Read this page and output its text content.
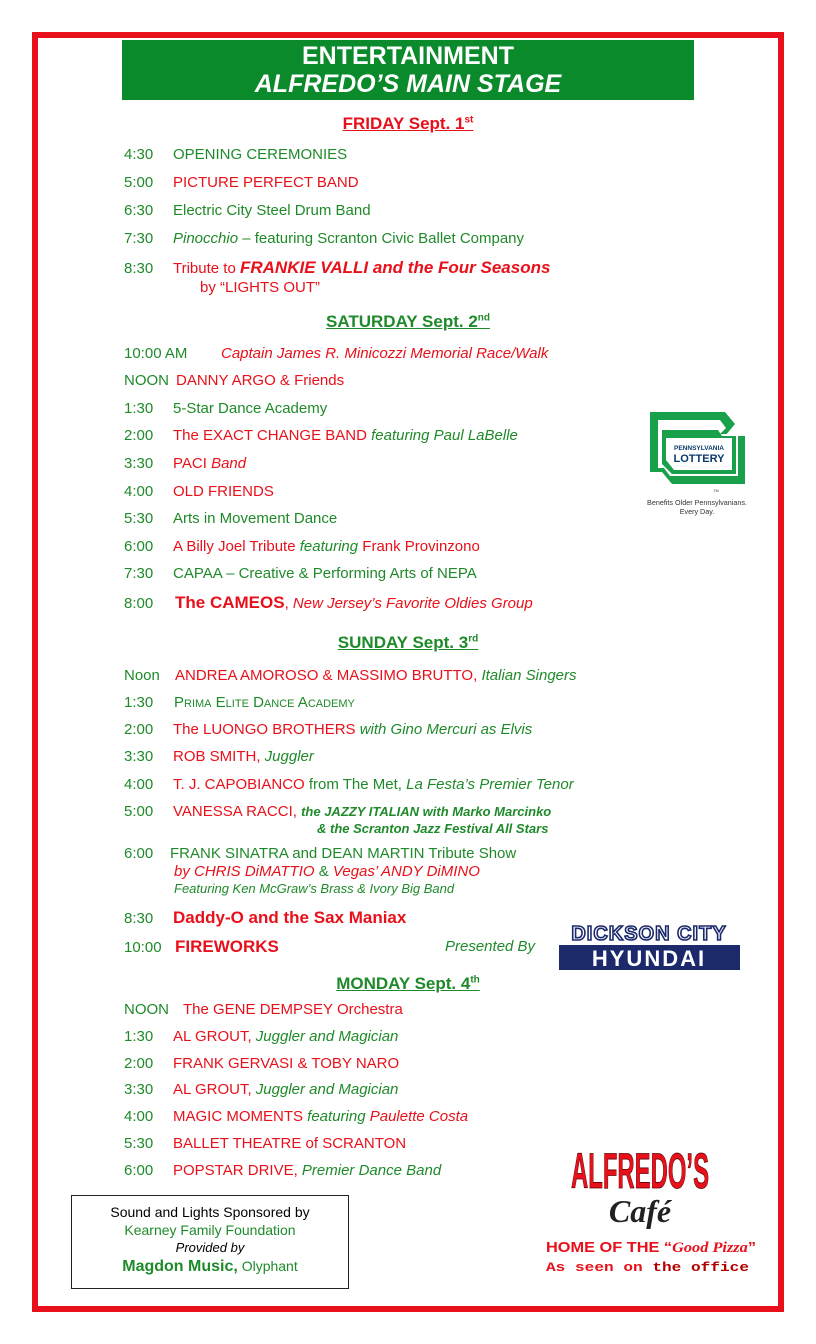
ENTERTAINMENT
ALFREDO’S MAIN STAGE
FRIDAY Sept. 1st
4:30 OPENING CEREMONIES
5:00 PICTURE PERFECT BAND
6:30 Electric City Steel Drum Band
7:30 Pinocchio – featuring Scranton Civic Ballet Company
8:30 Tribute to FRANKIE VALLI and the Four Seasons
by “LIGHTS OUT”
SATURDAY Sept. 2nd
10:00 AM Captain James R. Minicozzi Memorial Race/Walk
NOON DANNY ARGO & Friends
1:30 5-Star Dance Academy
2:00 The EXACT CHANGE BAND featuring Paul LaBelle
3:30 PACI Band
4:00 OLD FRIENDS
5:30 Arts in Movement Dance
6:00 A Billy Joel Tribute featuring Frank Provinzono
7:30 CAPAA – Creative & Performing Arts of NEPA
8:00 The CAMEOS, New Jersey’s Favorite Oldies Group
PENNSYLVANIA
LOTTERY
TM
Benefits Older Pennsylvanians.
Every Day.
SUNDAY Sept. 3rd
Noon ANDREA AMOROSO & MASSIMO BRUTTO, Italian Singers
1:30 Prima Elite Dance Academy
2:00 The LUONGO BROTHERS with Gino Mercuri as Elvis
3:30 ROB SMITH, Juggler
4:00 T. J. CAPOBIANCO from The Met, La Festa’s Premier Tenor
5:00 VANESSA RACCI, the JAZZY ITALIAN with Marko Marcinko
& the Scranton Jazz Festival All Stars
6:00 FRANK SINATRA and DEAN MARTIN Tribute Show
by CHRIS DiMATTIO & Vegas’ ANDY DiMINO
Featuring Ken McGraw’s Brass & Ivory Big Band
8:30 Daddy-O and the Sax Maniax
10:00 FIREWORKS	Presented By
DICKSON CITY
HYUNDAI
MONDAY Sept. 4th
NOON The GENE DEMPSEY Orchestra
1:30 AL GROUT, Juggler and Magician
2:00 FRANK GERVASI & TOBY NARO
3:30 AL GROUT, Juggler and Magician
4:00 MAGIC MOMENTS featuring Paulette Costa
5:30 BALLET THEATRE of SCRANTON
6:00 POPSTAR DRIVE, Premier Dance Band
Sound and Lights Sponsored by
Kearney Family Foundation
Provided by
Magdon Music, Olyphant
ALFREDO’S
Café
HOME OF THE “ Good Pizza ”
As seen on the office
